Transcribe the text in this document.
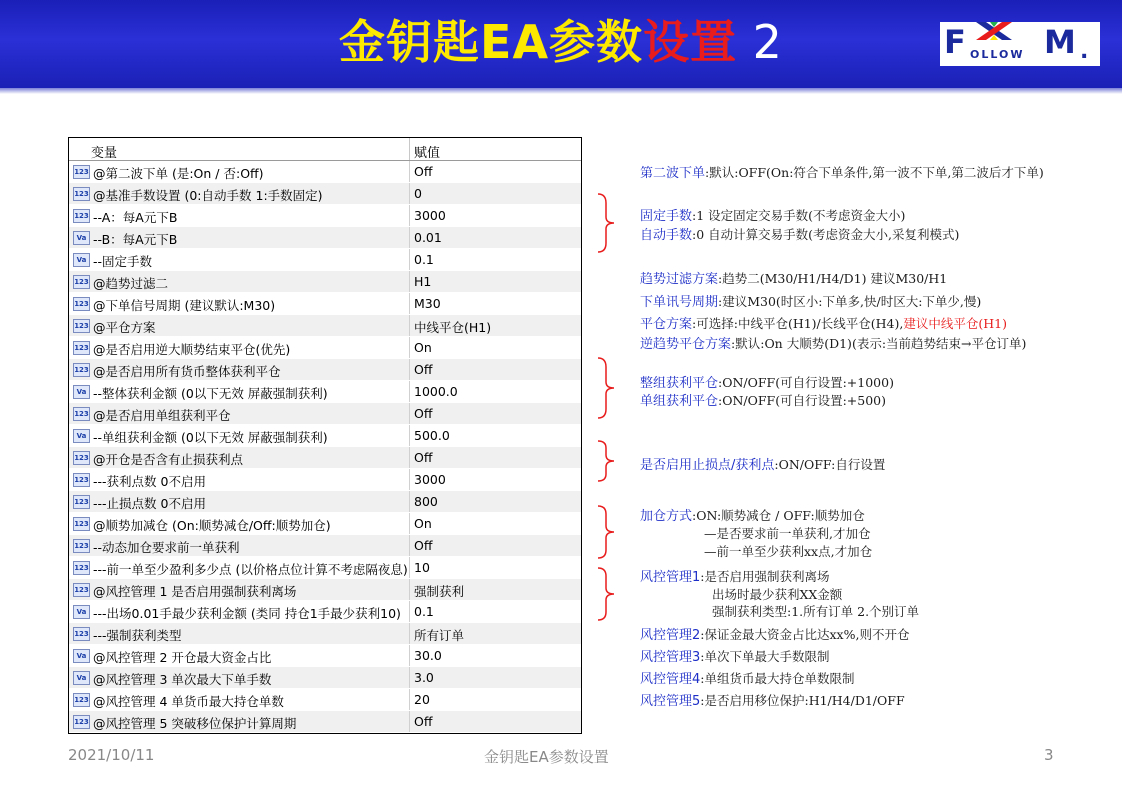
金钥匙EA参数设置 2	F OLLOW M .
变量	赋值
123 @第二波下单 (是:On / 否:Off)	Off
123 @基准手数设置 (0:自动手数 1:手数固定)	0
123 --A：每A元下B	3000
Va --B：每A元下B	0.01
Va --固定手数	0.1
123 @趋势过滤二	H1
123 @下单信号周期 (建议默认:M30)	M30
123 @平仓方案	中线平仓(H1)
123 @是否启用逆大顺势结束平仓(优先)	On
123 @是否启用所有货币整体获利平仓	Off
Va --整体获利金额 (0以下无效 屏蔽强制获利)	1000.0
123 @是否启用单组获利平仓	Off
Va --单组获利金额 (0以下无效 屏蔽强制获利)	500.0
123 @开仓是否含有止损获利点	Off
123 ---获利点数 0不启用	3000
123 ---止损点数 0不启用	800
123 @顺势加减仓 (On:顺势减仓/Off:顺势加仓)	On
123 --动态加仓要求前一单获利	Off
123 ---前一单至少盈利多少点 (以价格点位计算不考虑隔夜息) 10
123 @风控管理 1 是否启用强制获利离场	强制获利
Va ---出场0.01手最少获利金额 (类同 持仓1手最少获利10) 0.1
123 ---强制获利类型	所有订单
Va @风控管理 2 开仓最大资金占比	30.0
Va @风控管理 3 单次最大下单手数	3.0
123 @风控管理 4 单货币最大持仓单数	20
123 @风控管理 5 突破移位保护计算周期	Off
第二波下单:默认:OFF(On:符合下单条件,第一波不下单,第二波后才下单)
固定手数:1 设定固定交易手数(不考虑资金大小)
自动手数:0 自动计算交易手数(考虑资金大小,采复利模式)
趋势过滤方案:趋势二(M30/H1/H4/D1) 建议M30/H1
下单讯号周期:建议M30(时区小:下单多,快/时区大:下单少,慢)
平仓方案:可选择:中线平仓(H1)/长线平仓(H4),建议中线平仓(H1)
逆趋势平仓方案:默认:On 大顺势(D1)(表示:当前趋势结束→平仓订单)
整组获利平仓:ON/OFF(可自行设置:+1000)
单组获利平仓:ON/OFF(可自行设置:+500)
是否启用止损点/获利点:ON/OFF:自行设置
加仓方式:ON:顺势减仓 / OFF:顺势加仓
—是否要求前一单获利,才加仓
—前一单至少获利xx点,才加仓
风控管理1:是否启用强制获利离场
出场时最少获利XX金额
强制获利类型:1.所有订单 2.个别订单
风控管理2:保证金最大资金占比达xx%,则不开仓
风控管理3:单次下单最大手数限制
风控管理4:单组货币最大持仓单数限制
风控管理5:是否启用移位保护:H1/H4/D1/OFF
2021/10/11	金钥匙EA参数设置	3
